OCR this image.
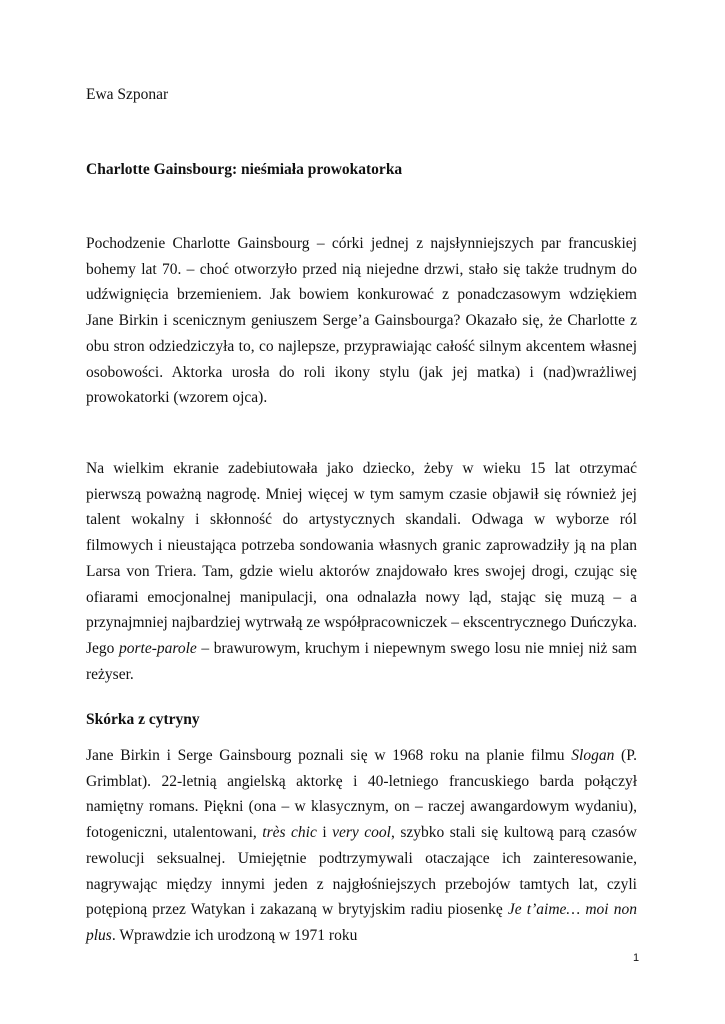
Ewa Szponar
Charlotte Gainsbourg: nieśmiała prowokatorka

Pochodzenie Charlotte Gainsbourg – córki jednej z najsłynniejszych par francuskiej bohemy lat 70. – choć otworzyło przed nią niejedne drzwi, stało się także trudnym do udźwignięcia brzemieniem. Jak bowiem konkurować z ponadczasowym wdziękiem Jane Birkin i scenicznym geniuszem Serge’a Gainsbourga? Okazało się, że Charlotte z obu stron odziedziczyła to, co najlepsze, przyprawiając całość silnym akcentem własnej osobowości. Aktorka urosła do roli ikony stylu (jak jej matka) i (nad)wrażliwej prowokatorki (wzorem ojca).

Na wielkim ekranie zadebiutowała jako dziecko, żeby w wieku 15 lat otrzymać pierwszą poważną nagrodę. Mniej więcej w tym samym czasie objawił się również jej talent wokalny i skłonność do artystycznych skandali. Odwaga w wyborze ról filmowych i nieustająca potrzeba sondowania własnych granic zaprowadziły ją na plan Larsa von Triera. Tam, gdzie wielu aktorów znajdowało kres swojej drogi, czując się ofiarami emocjonalnej manipulacji, ona odnalazła nowy ląd, stając się muzą – a przynajmniej najbardziej wytrwałą ze współpracowniczek – ekscentrycznego Duńczyka. Jego porte-parole – brawurowym, kruchym i niepewnym swego losu nie mniej niż sam reżyser.

Skórka z cytryny

Jane Birkin i Serge Gainsbourg poznali się w 1968 roku na planie filmu Slogan (P. Grimblat). 22-letnią angielską aktorkę i 40-letniego francuskiego barda połączył namiętny romans. Piękni (ona – w klasycznym, on – raczej awangardowym wydaniu), fotogeniczni, utalentowani, très chic i very cool, szybko stali się kultową parą czasów rewolucji seksualnej. Umiejętnie podtrzymywali otaczające ich zainteresowanie, nagrywając między innymi jeden z najgłośniejszych przebojów tamtych lat, czyli potępioną przez Watykan i zakazaną w brytyjskim radiu piosenkę Je t’aime… moi non plus. Wprawdzie ich urodzoną w 1971 roku

1
